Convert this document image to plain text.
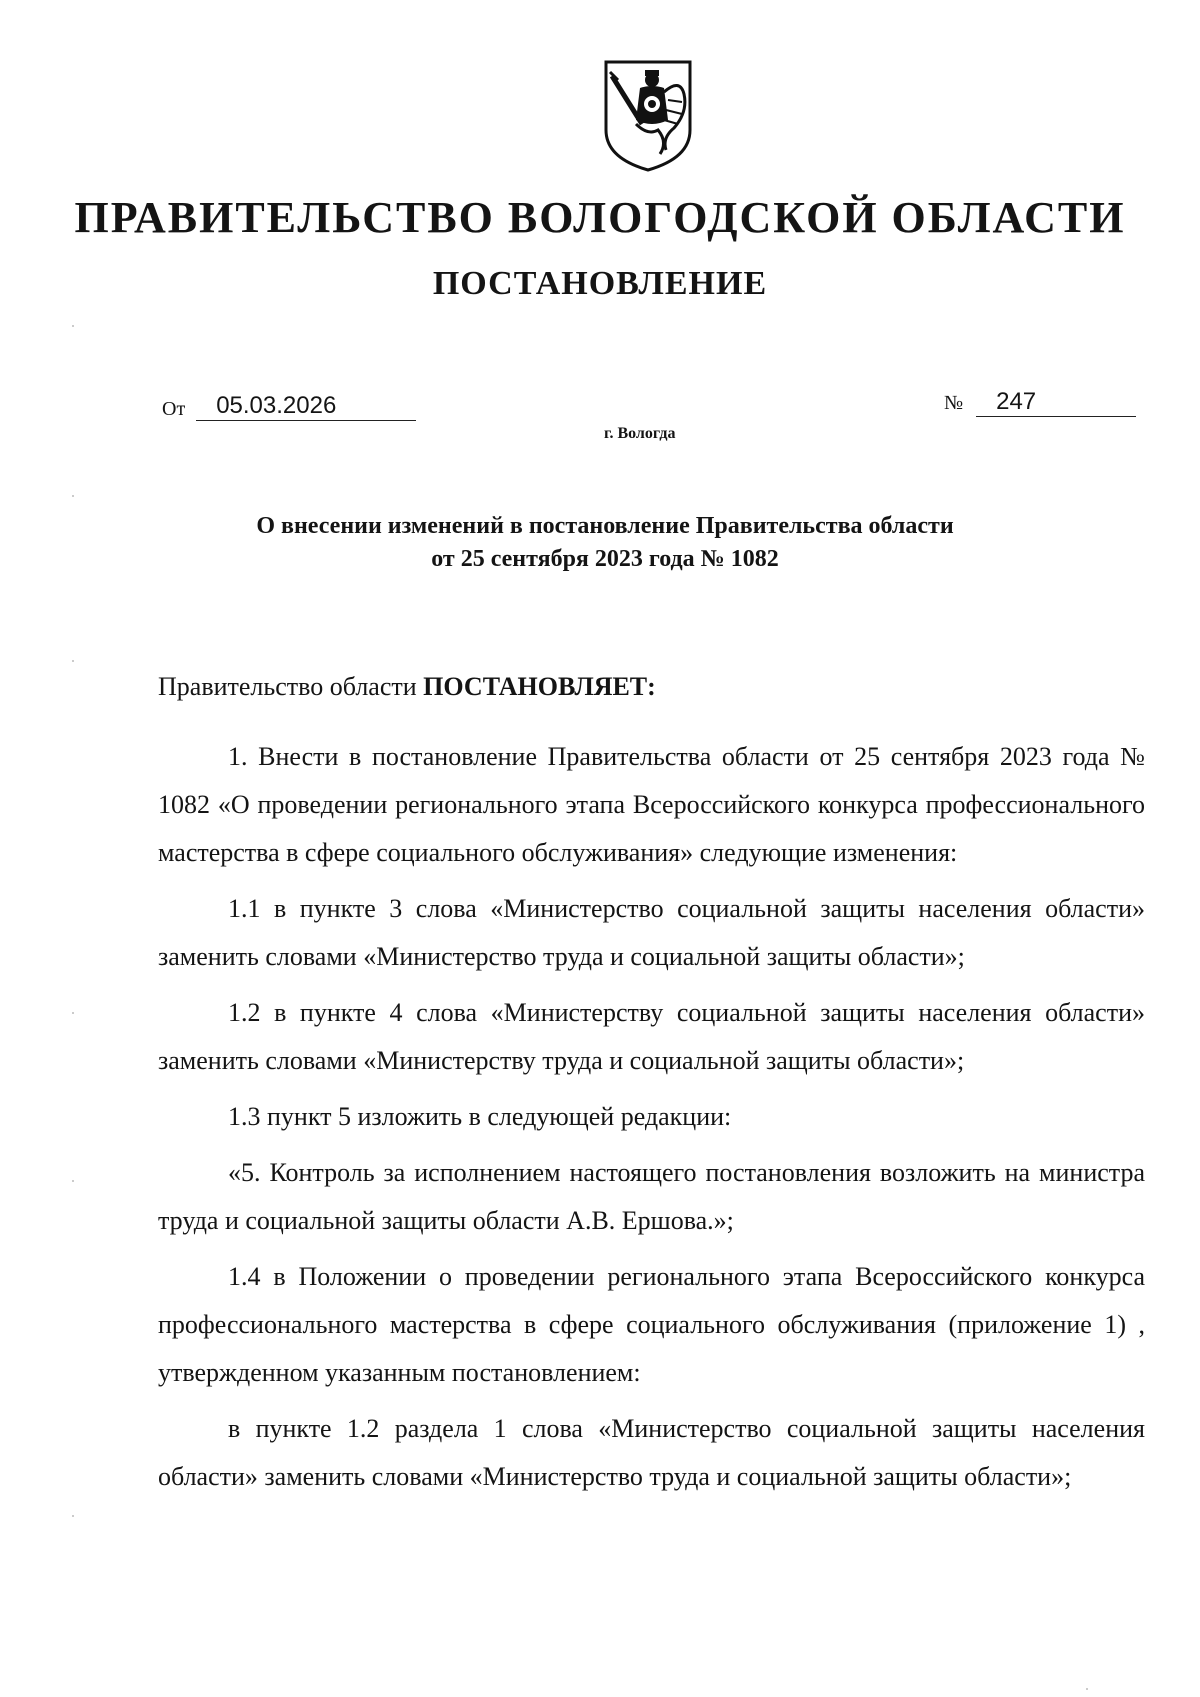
ПРАВИТЕЛЬСТВО ВОЛОГОДСКОЙ ОБЛАСТИ
ПОСТАНОВЛЕНИЕ
От 05.03.2026	№ 247
г. Вологда
О внесении изменений в постановление Правительства области
от 25 сентября 2023 года № 1082
Правительство области ПОСТАНОВЛЯЕТ:

1. Внести в постановление Правительства области от 25 сентября 2023 года № 1082 «О проведении регионального этапа Всероссийского конкурса профессионального мастерства в сфере социального обслуживания» следующие изменения:

1.1 в пункте 3 слова «Министерство социальной защиты населения области» заменить словами «Министерство труда и социальной защиты области»;

1.2 в пункте 4 слова «Министерству социальной защиты населения области» заменить словами «Министерству труда и социальной защиты области»;

1.3 пункт 5 изложить в следующей редакции:

«5. Контроль за исполнением настоящего постановления возложить на министра труда и социальной защиты области А.В. Ершова.»;

1.4 в Положении о проведении регионального этапа Всероссийского конкурса профессионального мастерства в сфере социального обслуживания (приложение 1) , утвержденном указанным постановлением:

в пункте 1.2 раздела 1 слова «Министерство социальной защиты населения области» заменить словами «Министерство труда и социальной защиты области»;
